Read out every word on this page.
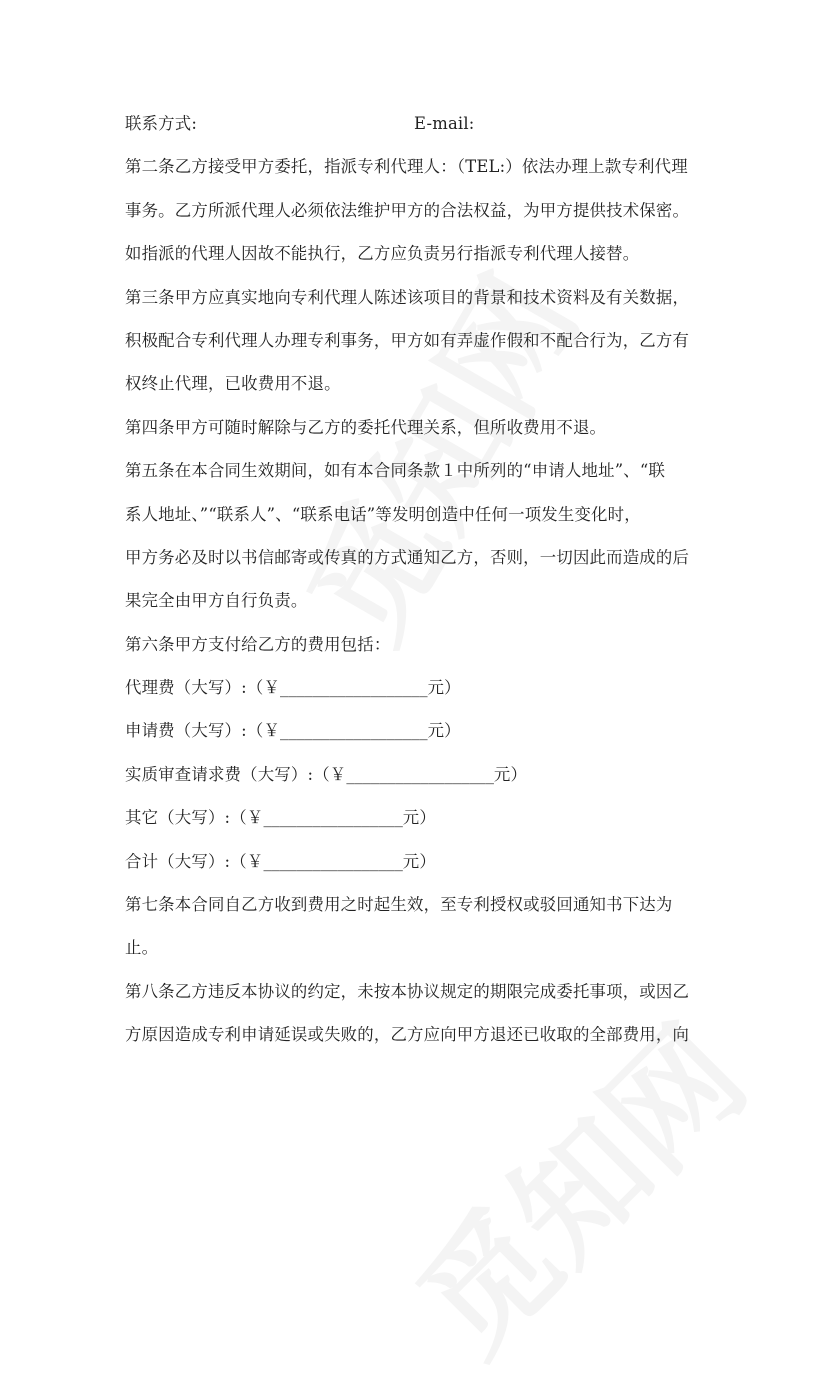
联系方式:	E-mail:
第二条乙方接受甲方委托，指派专利代理人：（TEL:）依法办理上款专利代理
事务。乙方所派代理人必须依法维护甲方的合法权益，为甲方提供技术保密。
如指派的代理人因故不能执行，乙方应负责另行指派专利代理人接替。
第三条甲方应真实地向专利代理人陈述该项目的背景和技术资料及有关数据，
积极配合专利代理人办理专利事务，甲方如有弄虚作假和不配合行为，乙方有
权终止代理，已收费用不退。
第四条甲方可随时解除与乙方的委托代理关系，但所收费用不退。
第五条在本合同生效期间，如有本合同条款１中所列的“申请人地址”、“联
系人地址、”“联系人”、“联系电话”等发明创造中任何一项发生变化时，
甲方务必及时以书信邮寄或传真的方式通知乙方，否则，一切因此而造成的后
果完全由甲方自行负责。
第六条甲方支付给乙方的费用包括：
代理费（大写）:（￥__________________元）
申请费（大写）:（￥__________________元）
实质审查请求费（大写）:（￥__________________元）
其它（大写）:（￥_________________元）
合计（大写）:（￥_________________元）
第七条本合同自乙方收到费用之时起生效，至专利授权或驳回通知书下达为
止。
第八条乙方违反本协议的约定，未按本协议规定的期限完成委托事项，或因乙
方原因造成专利申请延误或失败的，乙方应向甲方退还已收取的全部费用，向
